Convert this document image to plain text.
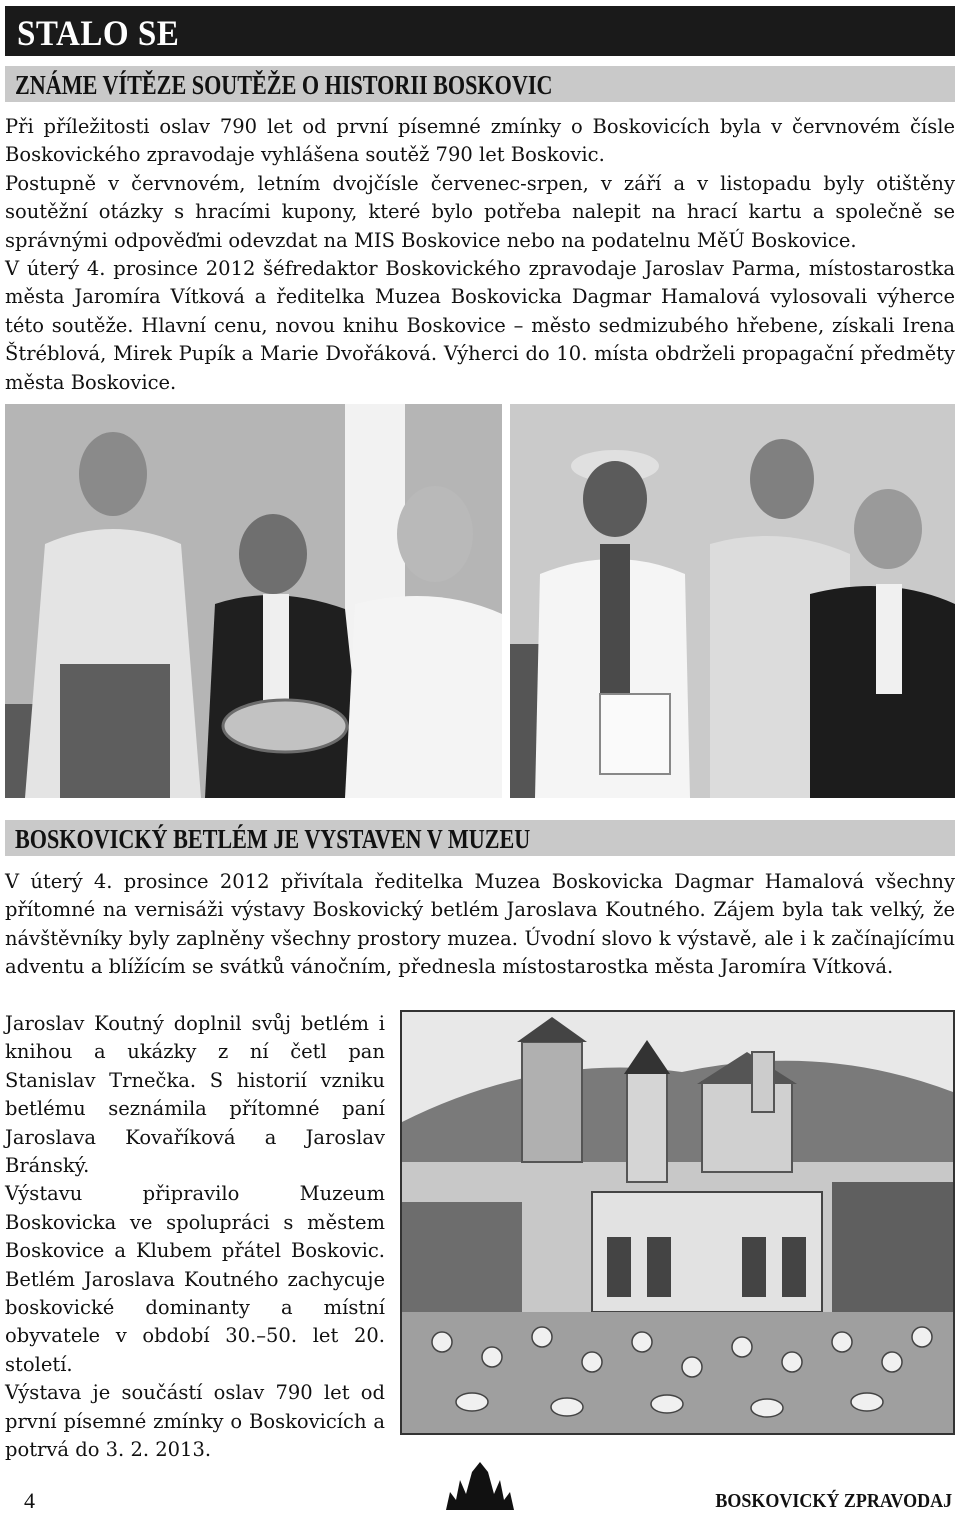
STALO SE
ZNÁME VÍTĚZE SOUTĚŽE O HISTORII BOSKOVIC

Při příležitosti oslav 790 let od první písemné zmínky o Boskovicích byla v červnovém čísle Boskovického zpravodaje vyhlášena soutěž 790 let Boskovic.

Postupně v červnovém, letním dvojčísle červenec-srpen, v září a v listopadu byly otištěny soutěžní otázky s hracími kupony, které bylo potřeba nalepit na hrací kartu a společně se správnými odpověďmi odevzdat na MIS Boskovice nebo na podatelnu MěÚ Boskovice.

V úterý 4. prosince 2012 šéfredaktor Boskovického zpravodaje Jaroslav Parma, místostarostka města Jaromíra Vítková a ředitelka Muzea Boskovicka Dagmar Hamalová vylosovali výherce této soutěže. Hlavní cenu, novou knihu Boskovice – město sedmizubého hřebene, získali Irena Štréblová, Mirek Pupík a Marie Dvořáková. Výherci do 10. místa obdrželi propagační předměty města Boskovice.

BOSKOVICKÝ BETLÉM JE VYSTAVEN V MUZEU

V úterý 4. prosince 2012 přivítala ředitelka Muzea Boskovicka Dagmar Hamalová všechny přítomné na vernisáži výstavy Boskovický betlém Jaroslava Koutného. Zájem byla tak velký, že návštěvníky byly zaplněny všechny prostory muzea. Úvodní slovo k výstavě, ale i k začínajícímu adventu a blížícím se svátků vánočním, přednesla místostarostka města Jaromíra Vítková.

Jaroslav Koutný doplnil svůj betlém i knihou a ukázky z ní četl pan Stanislav Trnečka. S historií vzniku betlému seznámila přítomné paní Jaroslava Kovaříková a Jaroslav Bránský.

Výstavu připravilo Muzeum Boskovicka ve spolupráci s městem Boskovice a Klubem přátel Boskovic. Betlém Jaroslava Koutného zachycuje boskovické dominanty a místní obyvatele v období 30.–50. let 20. století.

Výstava je součástí oslav 790 let od první písemné zmínky o Boskovicích a potrvá do 3. 2. 2013.

4	BOSKOVICKÝ ZPRAVODAJ
